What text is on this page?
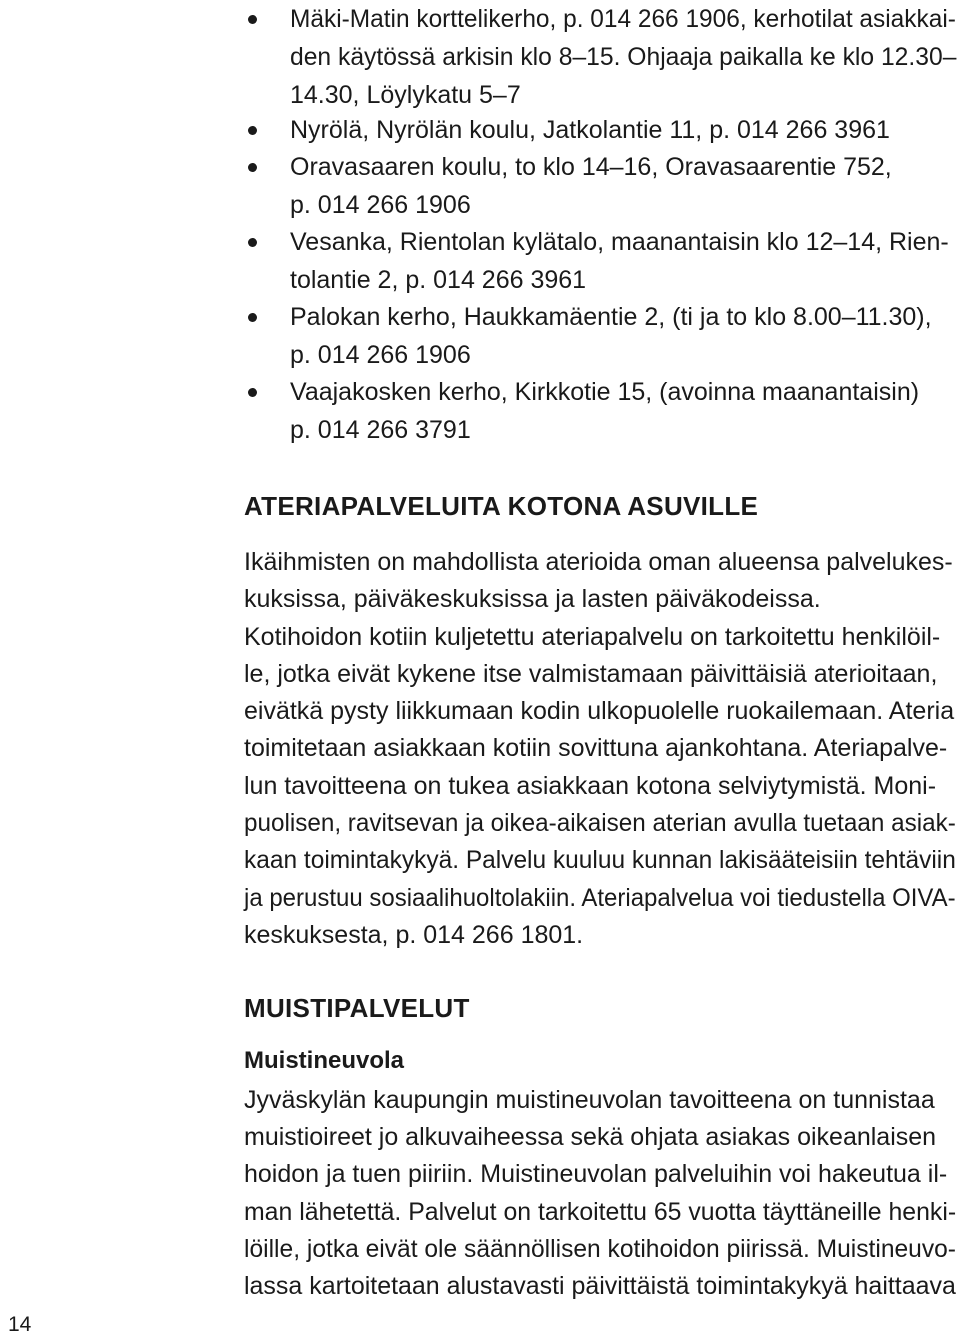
Mäki-Matin korttelikerho, p. 014 266 1906, kerhotilat asiakkai-
den käytössä arkisin klo 8–15. Ohjaaja paikalla ke klo 12.30–
14.30, Löylykatu 5–7
Nyrölä, Nyrölän koulu, Jatkolantie 11, p. 014 266 3961
Oravasaaren koulu, to klo 14–16, Oravasaarentie 752,
p. 014 266 1906
Vesanka, Rientolan kylätalo, maanantaisin klo 12–14, Rien-
tolantie 2, p. 014 266 3961
Palokan kerho, Haukkamäentie 2, (ti ja to klo 8.00–11.30),
p. 014 266 1906
Vaajakosken kerho, Kirkkotie 15, (avoinna maanantaisin)
p. 014 266 3791
ATERIAPALVELUITA KOTONA ASUVILLE
Ikäihmisten on mahdollista aterioida oman alueensa palvelukes-
kuksissa, päiväkeskuksissa ja lasten päiväkodeissa.
Kotihoidon kotiin kuljetettu ateriapalvelu on tarkoitettu henkilöil-
le, jotka eivät kykene itse valmistamaan päivittäisiä aterioitaan,
eivätkä pysty liikkumaan kodin ulkopuolelle ruokailemaan. Ateria
toimitetaan asiakkaan kotiin sovittuna ajankohtana. Ateriapalve-
lun tavoitteena on tukea asiakkaan kotona selviytymistä. Moni-
puolisen, ravitsevan ja oikea-aikaisen aterian avulla tuetaan asiak-
kaan toimintakykyä. Palvelu kuuluu kunnan lakisääteisiin tehtäviin
ja perustuu sosiaalihuoltolakiin. Ateriapalvelua voi tiedustella OIVA-
keskuksesta, p. 014 266 1801.
MUISTIPALVELUT
Muistineuvola
Jyväskylän kaupungin muistineuvolan tavoitteena on tunnistaa
muistioireet jo alkuvaiheessa sekä ohjata asiakas oikeanlaisen
hoidon ja tuen piiriin. Muistineuvolan palveluihin voi hakeutua il-
man lähetettä. Palvelut on tarkoitettu 65 vuotta täyttäneille henki-
löille, jotka eivät ole säännöllisen kotihoidon piirissä. Muistineuvo-
lassa kartoitetaan alustavasti päivittäistä toimintakykyä haittaava
14
